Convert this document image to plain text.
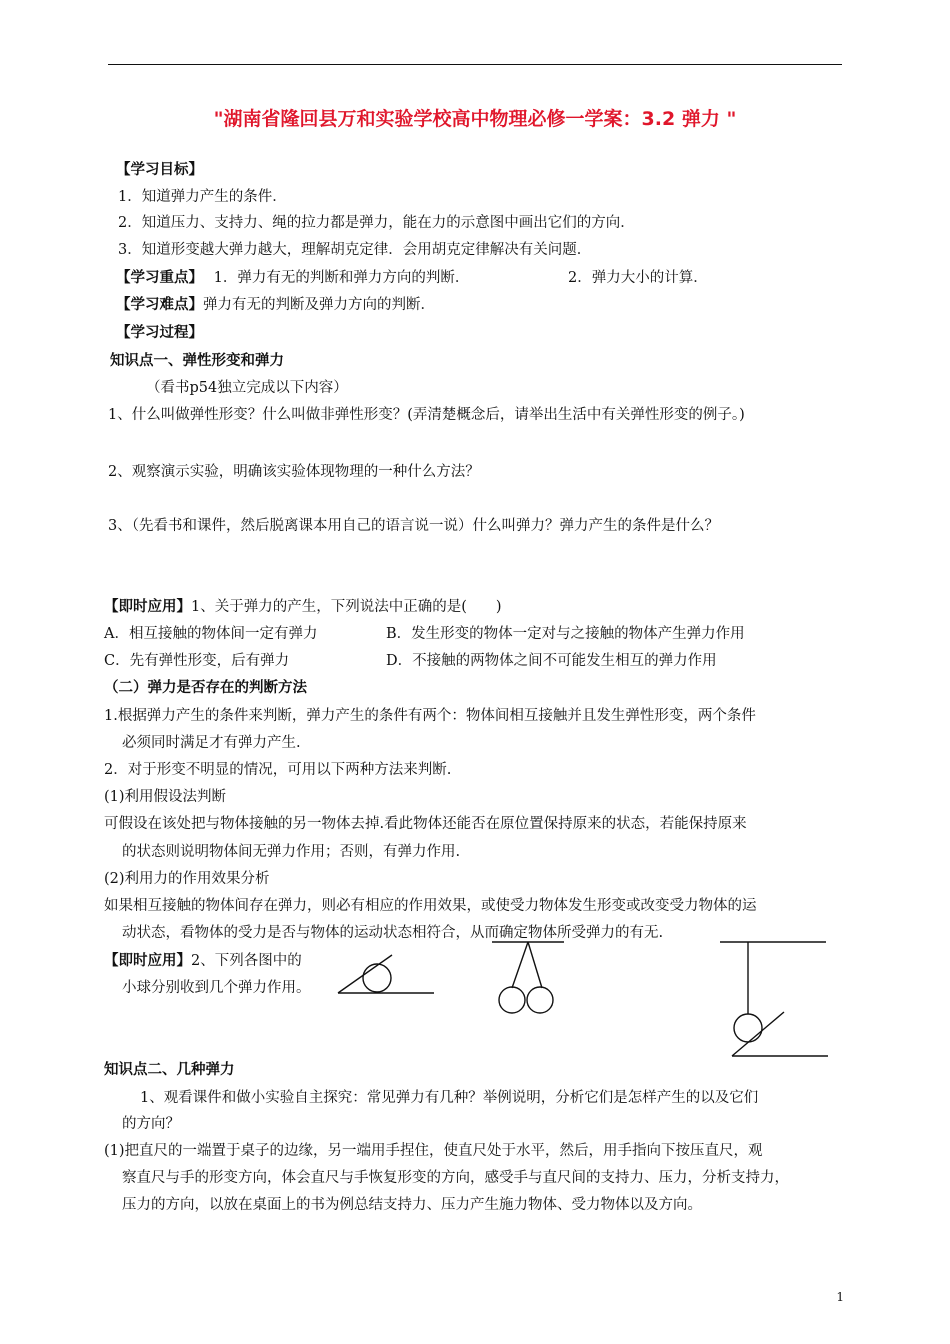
"湖南省隆回县万和实验学校高中物理必修一学案：3.2 弹力 "
【学习目标】
1．知道弹力产生的条件．
2．知道压力、支持力、绳的拉力都是弹力，能在力的示意图中画出它们的方向．
3．知道形变越大弹力越大，理解胡克定律．会用胡克定律解决有关问题．
【学习重点】 1．弹力有无的判断和弹力方向的判断．	2．弹力大小的计算．
【学习难点】弹力有无的判断及弹力方向的判断．
【学习过程】
知识点一、弹性形变和弹力
（看书p54独立完成以下内容）
1、什么叫做弹性形变？什么叫做非弹性形变？(弄清楚概念后，请举出生活中有关弹性形变的例子。)
2、观察演示实验，明确该实验体现物理的一种什么方法？
3、（先看书和课件，然后脱离课本用自己的语言说一说）什么叫弹力？弹力产生的条件是什么？
【即时应用】1、关于弹力的产生，下列说法中正确的是(　　)
A．相互接触的物体间一定有弹力	B．发生形变的物体一定对与之接触的物体产生弹力作用
C．先有弹性形变，后有弹力	D．不接触的两物体之间不可能发生相互的弹力作用
（二）弹力是否存在的判断方法
1.根据弹力产生的条件来判断，弹力产生的条件有两个：物体间相互接触并且发生弹性形变，两个条件
必须同时满足才有弹力产生.
2．对于形变不明显的情况，可用以下两种方法来判断.
(1)利用假设法判断
可假设在该处把与物体接触的另一物体去掉.看此物体还能否在原位置保持原来的状态，若能保持原来
的状态则说明物体间无弹力作用；否则，有弹力作用.
(2)利用力的作用效果分析
如果相互接触的物体间存在弹力，则必有相应的作用效果，或使受力物体发生形变或改变受力物体的运
动状态，看物体的受力是否与物体的运动状态相符合，从而确定物体所受弹力的有无.
【即时应用】2、下列各图中的
小球分别收到几个弹力作用。
知识点二、几种弹力
1、观看课件和做小实验自主探究：常见弹力有几种？举例说明，分析它们是怎样产生的以及它们
的方向？
(1)把直尺的一端置于桌子的边缘，另一端用手捏住，使直尺处于水平，然后，用手指向下按压直尺，观
察直尺与手的形变方向，体会直尺与手恢复形变的方向，感受手与直尺间的支持力、压力，分析支持力，
压力的方向，以放在桌面上的书为例总结支持力、压力产生施力物体、受力物体以及方向。
1
